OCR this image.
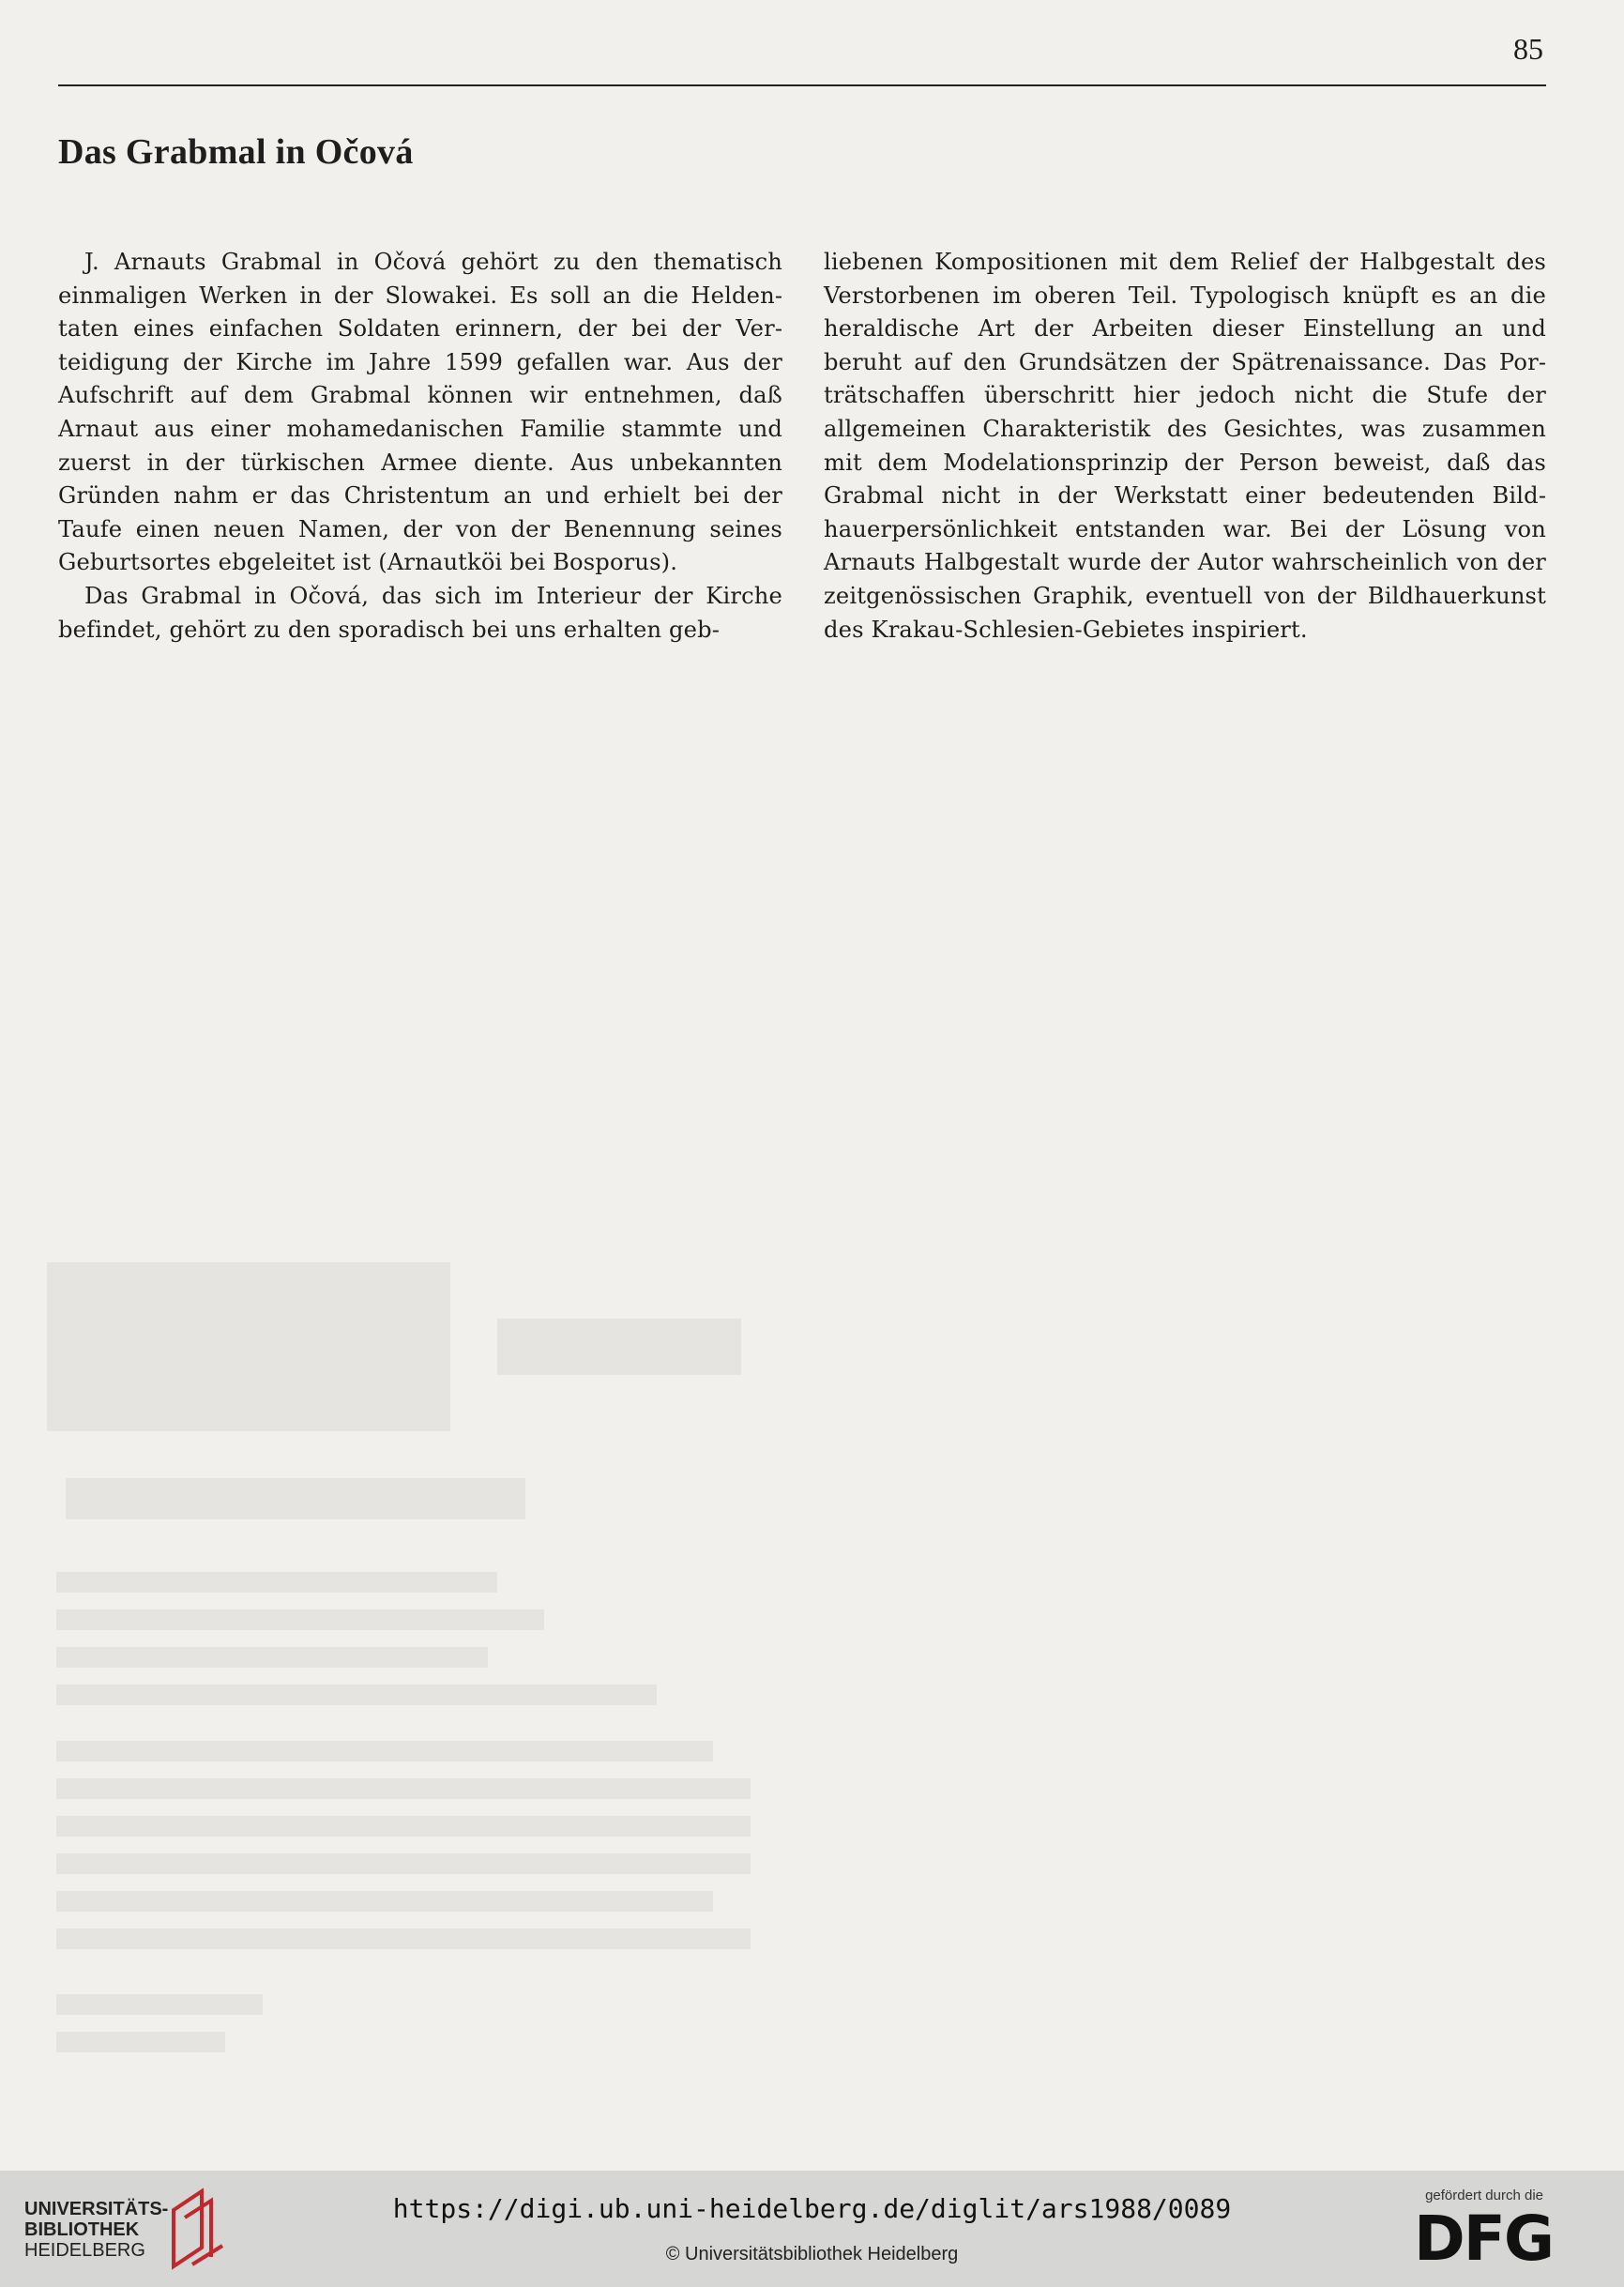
85
Das Grabmal in Očová

J. Arnauts Grabmal in Očová gehört zu den thematisch einmaligen Werken in der Slowakei. Es soll an die Heldentaten eines einfachen Soldaten erinnern, der bei der Verteidigung der Kirche im Jahre 1599 gefallen war. Aus der Aufschrift auf dem Grabmal können wir entnehmen, daß Arnaut aus einer mohamedanischen Familie stammte und zuerst in der türkischen Armee diente. Aus unbekannten Gründen nahm er das Christentum an und erhielt bei der Taufe einen neuen Namen, der von der Benennung seines Geburtsortes ebgeleitet ist (Arnautköi bei Bosporus).

Das Grabmal in Očová, das sich im Interieur der Kirche befindet, gehört zu den sporadisch bei uns erhalten geb-

liebenen Kompositionen mit dem Relief der Halbgestalt des Verstorbenen im oberen Teil. Typologisch knüpft es an die heraldische Art der Arbeiten dieser Einstellung an und beruht auf den Grundsätzen der Spätrenaissance. Das Porträtschaffen überschritt hier jedoch nicht die Stufe der allgemeinen Charakteristik des Gesichtes, was zusammen mit dem Modelationsprinzip der Person beweist, daß das Grabmal nicht in der Werkstatt einer bedeutenden Bildhauerpersönlichkeit entstanden war. Bei der Lösung von Arnauts Halbgestalt wurde der Autor wahrscheinlich von der zeitgenössischen Graphik, eventuell von der Bildhauerkunst des Krakau-Schlesien-Gebietes inspiriert.

UNIVERSITÄTS-
BIBLIOTHEK
HEIDELBERG
https://digi.ub.uni-heidelberg.de/diglit/ars1988/0089
© Universitätsbibliothek Heidelberg
gefördert durch die
DFG
